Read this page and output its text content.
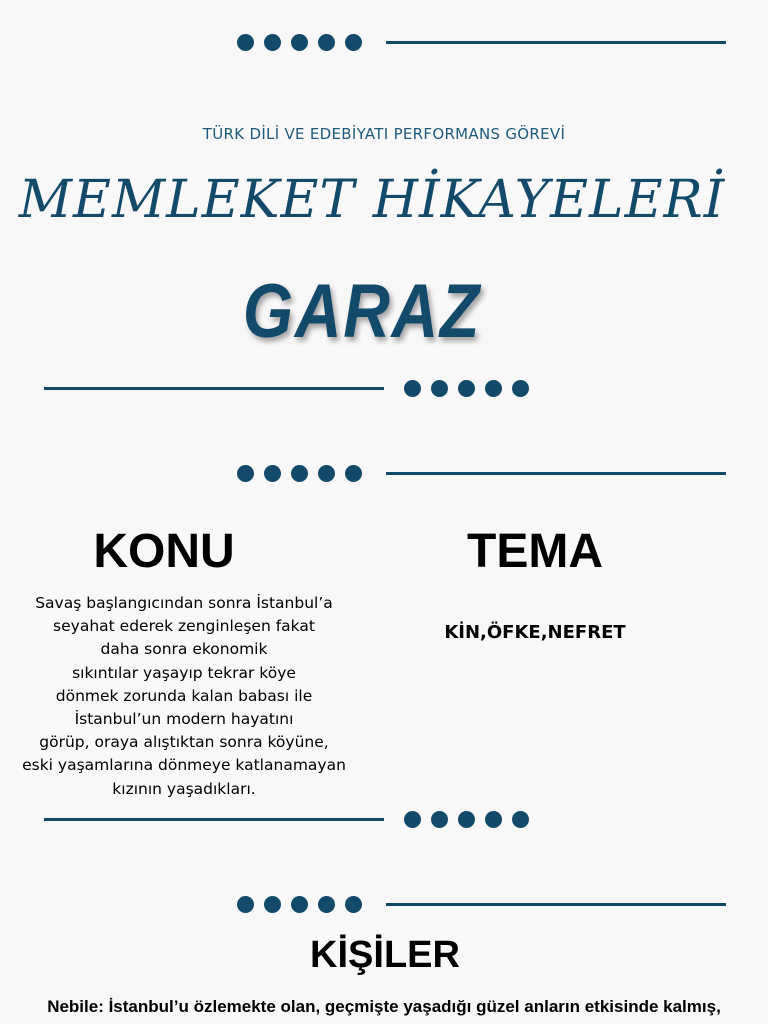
TÜRK DİLİ VE EDEBİYATI PERFORMANS GÖREVİ
MEMLEKET HİKAYELERİ
GARAZ
KONU	TEMA
Savaş başlangıcından sonra İstanbul’a
seyahat ederek zenginleşen fakat
daha sonra ekonomik
sıkıntılar yaşayıp tekrar köye
dönmek zorunda kalan babası ile
İstanbul’un modern hayatını
görüp, oraya alıştıktan sonra köyüne,
eski yaşamlarına dönmeye katlanamayan
kızının yaşadıkları.
KİN,ÖFKE,NEFRET
KİŞİLER
Nebile: İstanbul’u özlemekte olan, geçmişte yaşadığı güzel anların etkisinde kalmış,
